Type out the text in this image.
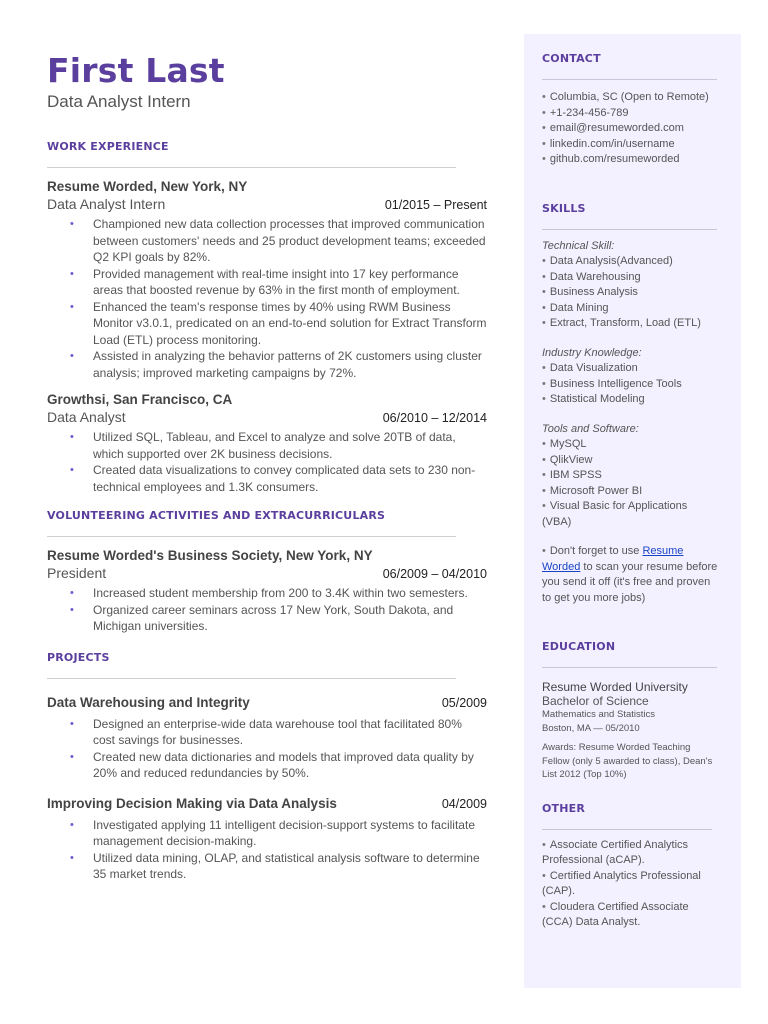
First Last
Data Analyst Intern
WORK EXPERIENCE
Resume Worded, New York, NY
Data Analyst Intern	01/2015 – Present
• Championed new data collection processes that improved communication between customers' needs and 25 product development teams; exceeded Q2 KPI goals by 82%.
• Provided management with real-time insight into 17 key performance areas that boosted revenue by 63% in the first month of employment.
• Enhanced the team's response times by 40% using RWM Business Monitor v3.0.1, predicated on an end-to-end solution for Extract Transform Load (ETL) process monitoring.
• Assisted in analyzing the behavior patterns of 2K customers using cluster analysis; improved marketing campaigns by 72%.
Growthsi, San Francisco, CA
Data Analyst	06/2010 – 12/2014
• Utilized SQL, Tableau, and Excel to analyze and solve 20TB of data, which supported over 2K business decisions.
• Created data visualizations to convey complicated data sets to 230 non-technical employees and 1.3K consumers.
VOLUNTEERING ACTIVITIES AND EXTRACURRICULARS
Resume Worded's Business Society, New York, NY
President	06/2009 – 04/2010
• Increased student membership from 200 to 3.4K within two semesters.
• Organized career seminars across 17 New York, South Dakota, and Michigan universities.
PROJECTS
Data Warehousing and Integrity	05/2009
• Designed an enterprise-wide data warehouse tool that facilitated 80% cost savings for businesses.
• Created new data dictionaries and models that improved data quality by 20% and reduced redundancies by 50%.
Improving Decision Making via Data Analysis	04/2009
• Investigated applying 11 intelligent decision-support systems to facilitate management decision-making.
• Utilized data mining, OLAP, and statistical analysis software to determine 35 market trends.
CONTACT
• Columbia, SC (Open to Remote)
• +1-234-456-789
• email@resumeworded.com
• linkedin.com/in/username
• github.com/resumeworded
SKILLS
Technical Skill:
• Data Analysis(Advanced)
• Data Warehousing
• Business Analysis
• Data Mining
• Extract, Transform, Load (ETL)
Industry Knowledge:
• Data Visualization
• Business Intelligence Tools
• Statistical Modeling
Tools and Software:
• MySQL
• QlikView
• IBM SPSS
• Microsoft Power BI
• Visual Basic for Applications (VBA)
• Don't forget to use Resume Worded to scan your resume before you send it off (it's free and proven to get you more jobs)
EDUCATION
Resume Worded University
Bachelor of Science
Mathematics and Statistics
Boston, MA — 05/2010
Awards: Resume Worded Teaching Fellow (only 5 awarded to class), Dean's List 2012 (Top 10%)
OTHER
• Associate Certified Analytics Professional (aCAP).
• Certified Analytics Professional (CAP).
• Cloudera Certified Associate (CCA) Data Analyst.
